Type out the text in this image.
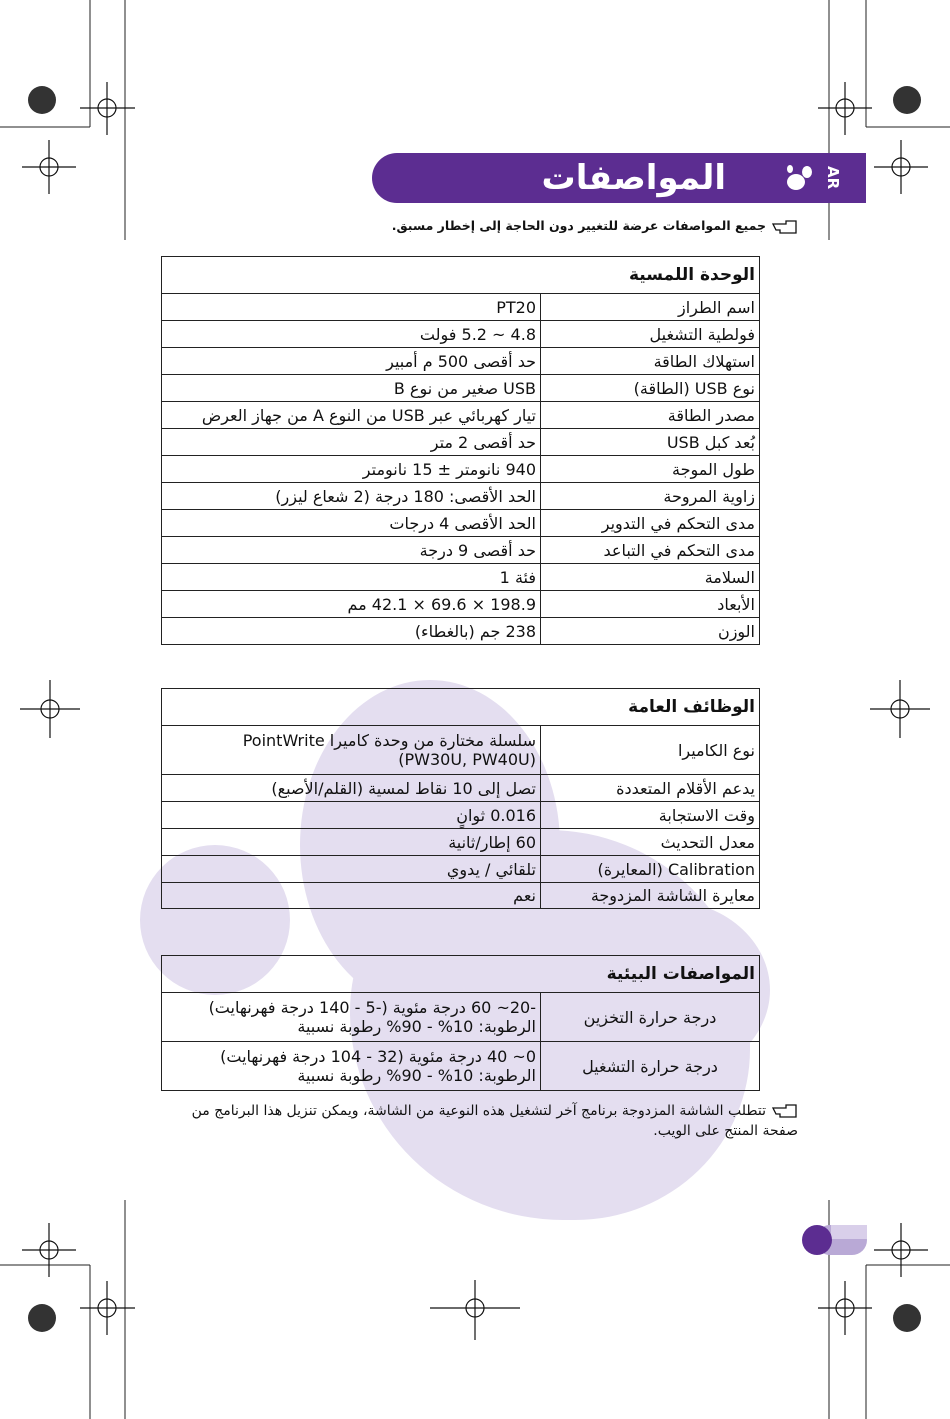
المواصفات	AR
جميع المواصفات عرضة للتغيير دون الحاجة إلى إخطار مسبق.
الوحدة اللمسية	
اسم الطراز	PT20
فولطية التشغيل	4.8 ~ 5.2 فولت
استهلاك الطاقة	حد أقصى 500 م أمبير
نوع USB (الطاقة)	USB صغير من نوع B
مصدر الطاقة	تيار كهربائي عبر USB من النوع A من جهاز العرض
بُعد كبل USB	حد أقصى 2 متر
طول الموجة	940 نانومتر ± 15 نانومتر
زاوية المروحة	الحد الأقصى: 180 درجة (2 شعاع ليزر)
مدى التحكم في التدوير	الحد الأقصى 4 درجات
مدى التحكم في التباعد	حد أقصى 9 درجة
السلامة	فئة 1
الأبعاد	198.9 × 69.6 × 42.1 مم
الوزن	238 جم (بالغطاء)
الوظائف العامة	
نوع الكاميرا	سلسلة مختارة من وحدة كاميرا PointWrite
(PW30U, PW40U)

يدعم الأقلام المتعددة	تصل إلى 10 نقاط لمسية (القلم/الأصبع)
وقت الاستجابة	0.016 ثوانٍ
معدل التحديث	60 إطار/ثانية
Calibration (المعايرة)	تلقائي / يدوي
معايرة الشاشة المزدوجة	نعم
المواصفات البيئية	
درجة حرارة التخزين	-20~ 60 درجة مئوية (-5 - 140 درجة فهرنهايت)
الرطوبة: 10% - 90% رطوبة نسبية

درجة حرارة التشغيل	0~ 40 درجة مئوية (32 - 104 درجة فهرنهايت)
الرطوبة: 10% - 90% رطوبة نسبية
تتطلب الشاشة المزدوجة برنامج آخر لتشغيل هذه النوعية من الشاشة، ويمكن تنزيل هذا البرنامج من صفحة المنتج على الويب.
